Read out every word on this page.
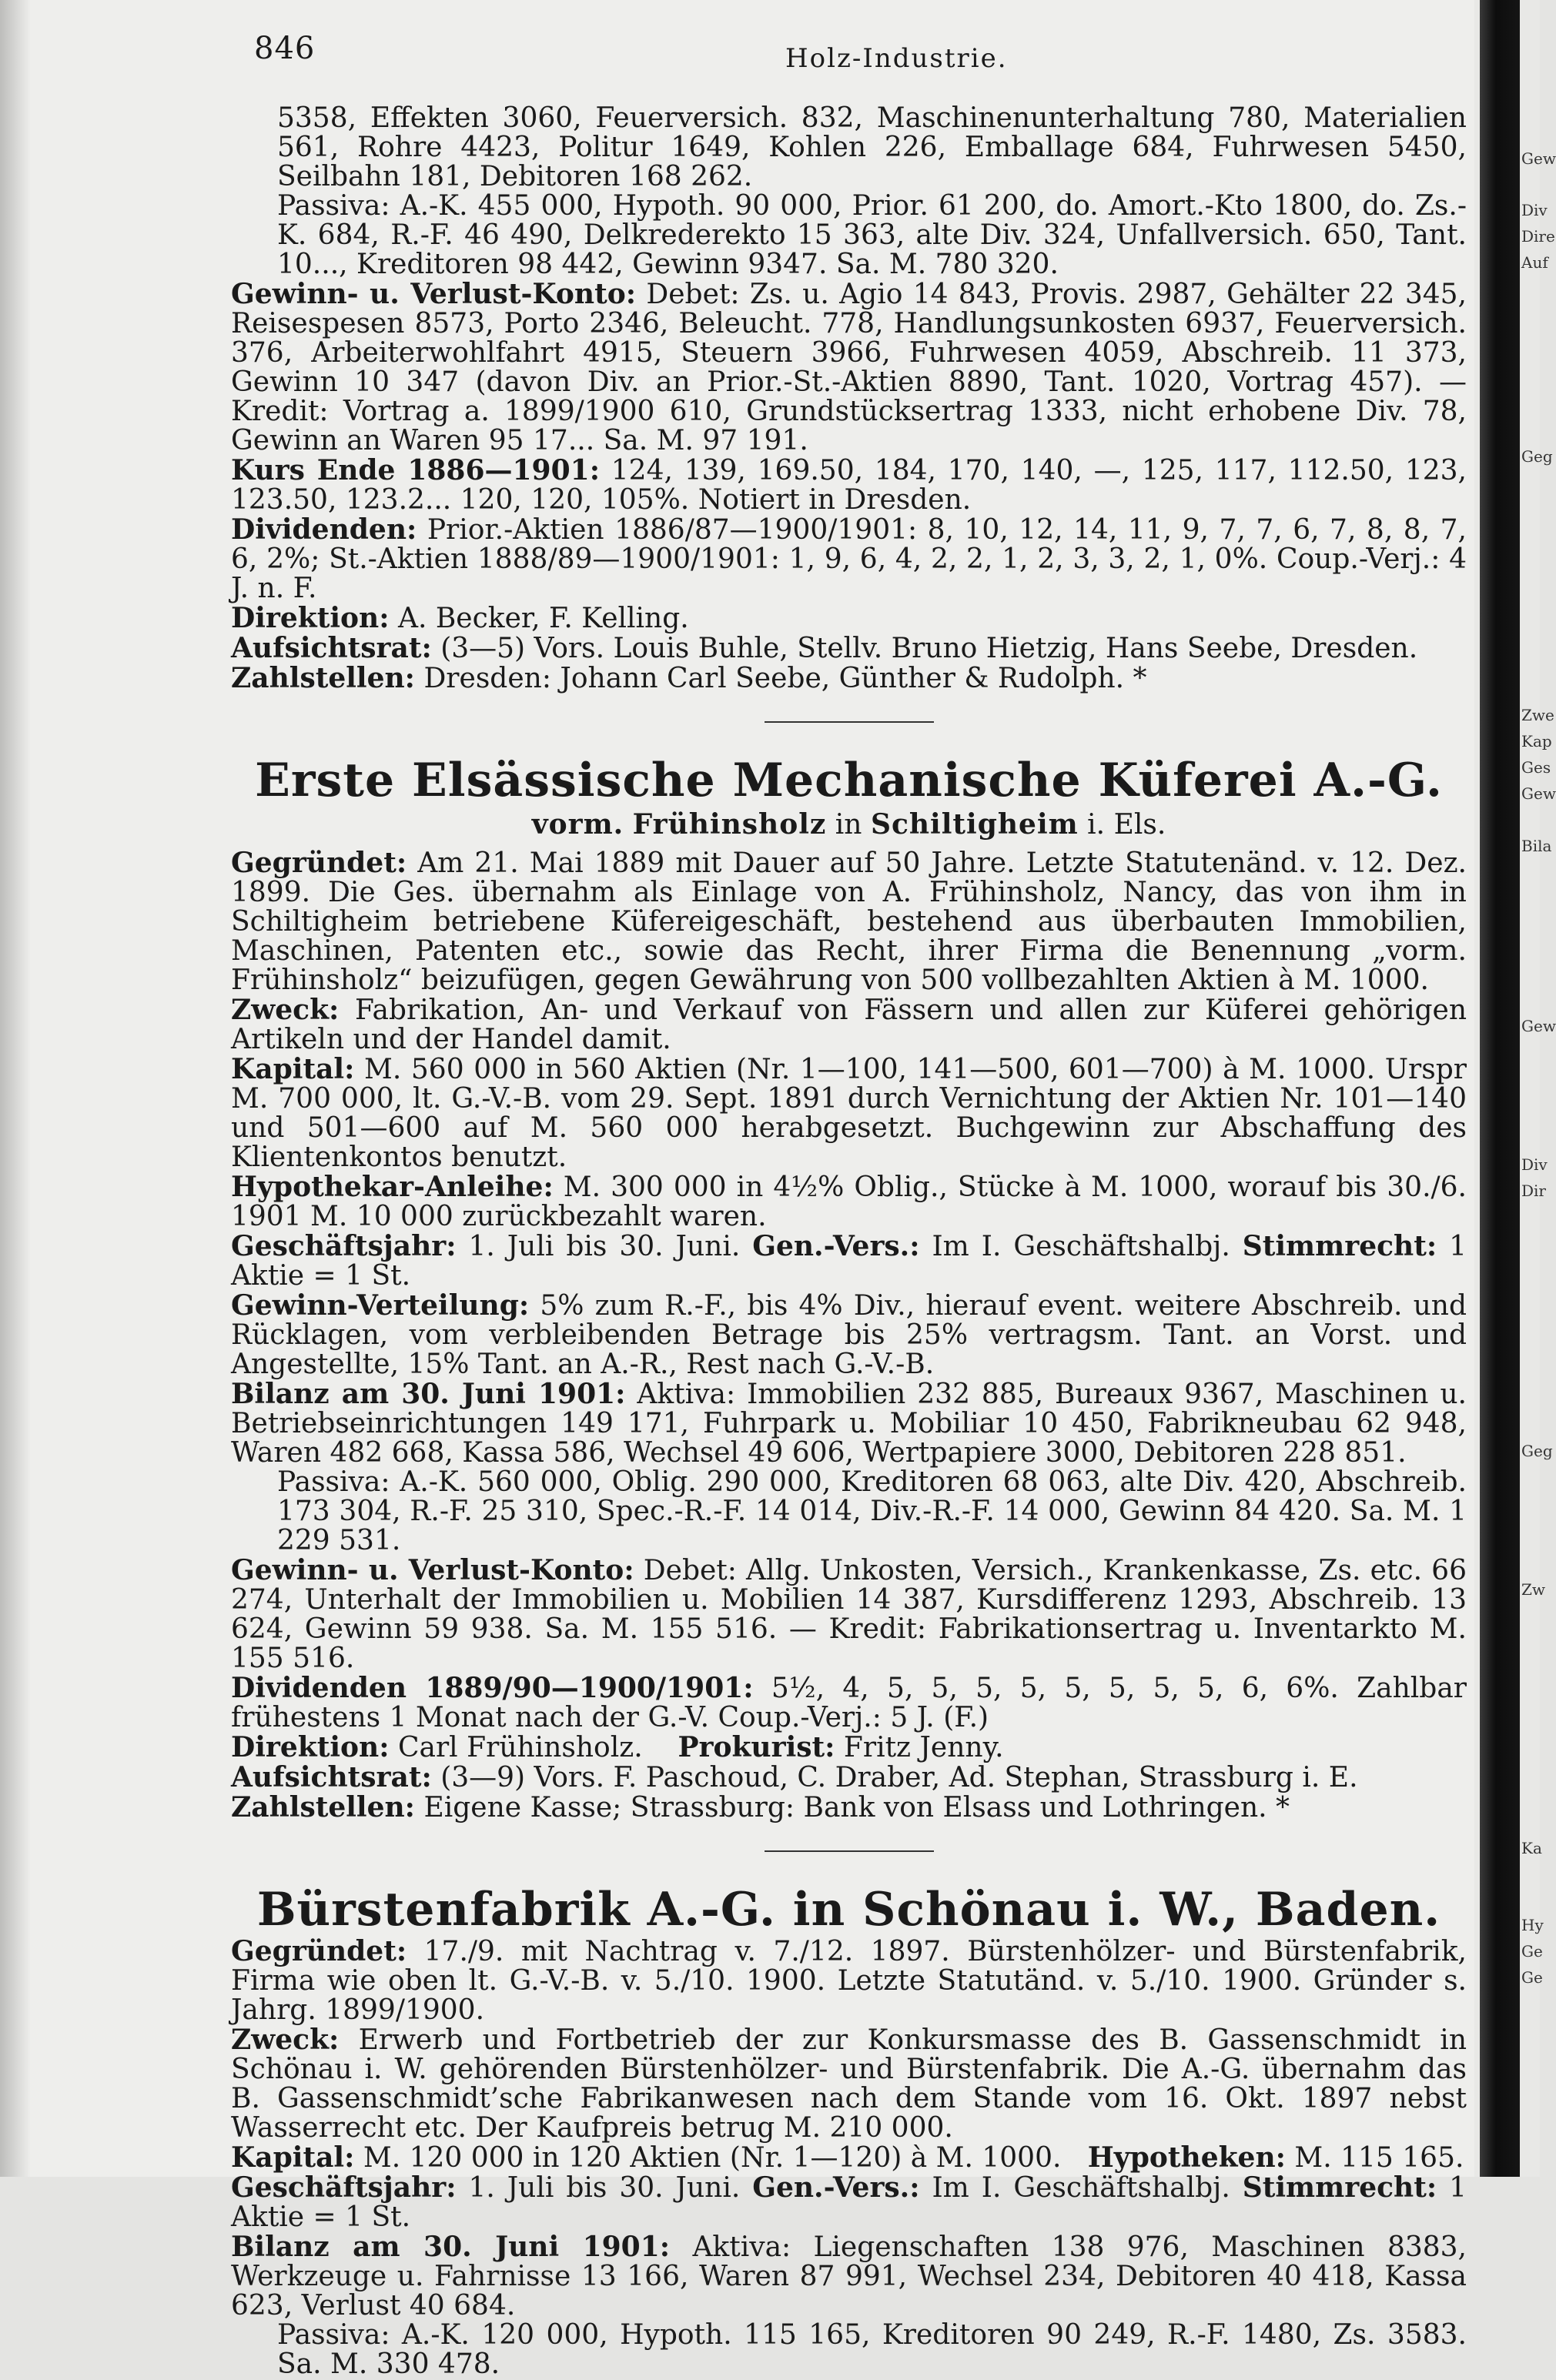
Gew
Div
Dire
Auf
Geg
Zwe
Kap
Ges
Gew
Bila
Gew
Div
Dir
Geg
Zw
Ka
Hy
Ge
Ge
846	Holz-Industrie.

5358, Effekten 3060, Feuerversich. 832, Maschinenunterhaltung 780, Materialien 561, Rohre 4423, Politur 1649, Kohlen 226, Emballage 684, Fuhrwesen 5450, Seilbahn 181, Debitoren 168 262.

Passiva: A.-K. 455 000, Hypoth. 90 000, Prior. 61 200, do. Amort.-Kto 1800, do. Zs.-K. 684, R.-F. 46 490, Delkrederekto 15 363, alte Div. 324, Unfallversich. 650, Tant. 10..., Kreditoren 98 442, Gewinn 9347. Sa. M. 780 320.

Gewinn- u. Verlust-Konto: Debet: Zs. u. Agio 14 843, Provis. 2987, Gehälter 22 345, Reisespesen 8573, Porto 2346, Beleucht. 778, Handlungsunkosten 6937, Feuerversich. 376, Arbeiterwohlfahrt 4915, Steuern 3966, Fuhrwesen 4059, Abschreib. 11 373, Gewinn 10 347 (davon Div. an Prior.-St.-Aktien 8890, Tant. 1020, Vortrag 457). — Kredit: Vortrag a. 1899/1900 610, Grundstücksertrag 1333, nicht erhobene Div. 78, Gewinn an Waren 95 17... Sa. M. 97 191.

Kurs Ende 1886—1901: 124, 139, 169.50, 184, 170, 140, —, 125, 117, 112.50, 123, 123.50, 123.2... 120, 120, 105%. Notiert in Dresden.

Dividenden: Prior.-Aktien 1886/87—1900/1901: 8, 10, 12, 14, 11, 9, 7, 7, 6, 7, 8, 8, 7, 6, 2%; St.-Aktien 1888/89—1900/1901: 1, 9, 6, 4, 2, 2, 1, 2, 3, 3, 2, 1, 0%. Coup.-Verj.: 4 J. n. F.

Direktion: A. Becker, F. Kelling.

Aufsichtsrat: (3—5) Vors. Louis Buhle, Stellv. Bruno Hietzig, Hans Seebe, Dresden.

Zahlstellen: Dresden: Johann Carl Seebe, Günther & Rudolph. *

Erste Elsässische Mechanische Küferei A.-G.

vorm. Frühinsholz in Schiltigheim i. Els.

Gegründet: Am 21. Mai 1889 mit Dauer auf 50 Jahre. Letzte Statutenänd. v. 12. Dez. 1899. Die Ges. übernahm als Einlage von A. Frühinsholz, Nancy, das von ihm in Schiltigheim betriebene Küfereigeschäft, bestehend aus überbauten Immobilien, Maschinen, Patenten etc., sowie das Recht, ihrer Firma die Benennung „vorm. Frühinsholz“ beizufügen, gegen Gewährung von 500 vollbezahlten Aktien à M. 1000.

Zweck: Fabrikation, An- und Verkauf von Fässern und allen zur Küferei gehörigen Artikeln und der Handel damit.

Kapital: M. 560 000 in 560 Aktien (Nr. 1—100, 141—500, 601—700) à M. 1000. Urspr M. 700 000, lt. G.-V.-B. vom 29. Sept. 1891 durch Vernichtung der Aktien Nr. 101—140 und 501—600 auf M. 560 000 herabgesetzt. Buchgewinn zur Abschaffung des Klientenkontos benutzt.

Hypothekar-Anleihe: M. 300 000 in 4½% Oblig., Stücke à M. 1000, worauf bis 30./6. 1901 M. 10 000 zurückbezahlt waren.

Geschäftsjahr: 1. Juli bis 30. Juni. Gen.-Vers.: Im I. Geschäftshalbj. Stimmrecht: 1 Aktie = 1 St.

Gewinn-Verteilung: 5% zum R.-F., bis 4% Div., hierauf event. weitere Abschreib. und Rücklagen, vom verbleibenden Betrage bis 25% vertragsm. Tant. an Vorst. und Angestellte, 15% Tant. an A.-R., Rest nach G.-V.-B.

Bilanz am 30. Juni 1901: Aktiva: Immobilien 232 885, Bureaux 9367, Maschinen u. Betriebseinrichtungen 149 171, Fuhrpark u. Mobiliar 10 450, Fabrikneubau 62 948, Waren 482 668, Kassa 586, Wechsel 49 606, Wertpapiere 3000, Debitoren 228 851.

Passiva: A.-K. 560 000, Oblig. 290 000, Kreditoren 68 063, alte Div. 420, Abschreib. 173 304, R.-F. 25 310, Spec.-R.-F. 14 014, Div.-R.-F. 14 000, Gewinn 84 420. Sa. M. 1 229 531.

Gewinn- u. Verlust-Konto: Debet: Allg. Unkosten, Versich., Krankenkasse, Zs. etc. 66 274, Unterhalt der Immobilien u. Mobilien 14 387, Kursdifferenz 1293, Abschreib. 13 624, Gewinn 59 938. Sa. M. 155 516. — Kredit: Fabrikationsertrag u. Inventarkto M. 155 516.

Dividenden 1889/90—1900/1901: 5½, 4, 5, 5, 5, 5, 5, 5, 5, 5, 6, 6%. Zahlbar frühestens 1 Monat nach der G.-V. Coup.-Verj.: 5 J. (F.)

Direktion: Carl Frühinsholz. Prokurist: Fritz Jenny.

Aufsichtsrat: (3—9) Vors. F. Paschoud, C. Draber, Ad. Stephan, Strassburg i. E.

Zahlstellen: Eigene Kasse; Strassburg: Bank von Elsass und Lothringen. *

Bürstenfabrik A.-G. in Schönau i. W., Baden.

Gegründet: 17./9. mit Nachtrag v. 7./12. 1897. Bürstenhölzer- und Bürstenfabrik, Firma wie oben lt. G.-V.-B. v. 5./10. 1900. Letzte Statutänd. v. 5./10. 1900. Gründer s. Jahrg. 1899/1900.

Zweck: Erwerb und Fortbetrieb der zur Konkursmasse des B. Gassenschmidt in Schönau i. W. gehörenden Bürstenhölzer- und Bürstenfabrik. Die A.-G. übernahm das B. Gassenschmidt’sche Fabrikanwesen nach dem Stande vom 16. Okt. 1897 nebst Wasserrecht etc. Der Kaufpreis betrug M. 210 000.

Kapital: M. 120 000 in 120 Aktien (Nr. 1—120) à M. 1000. Hypotheken: M. 115 165.

Geschäftsjahr: 1. Juli bis 30. Juni. Gen.-Vers.: Im I. Geschäftshalbj. Stimmrecht: 1 Aktie = 1 St.

Bilanz am 30. Juni 1901: Aktiva: Liegenschaften 138 976, Maschinen 8383, Werkzeuge u. Fahrnisse 13 166, Waren 87 991, Wechsel 234, Debitoren 40 418, Kassa 623, Verlust 40 684.

Passiva: A.-K. 120 000, Hypoth. 115 165, Kreditoren 90 249, R.-F. 1480, Zs. 3583. Sa. M. 330 478.
